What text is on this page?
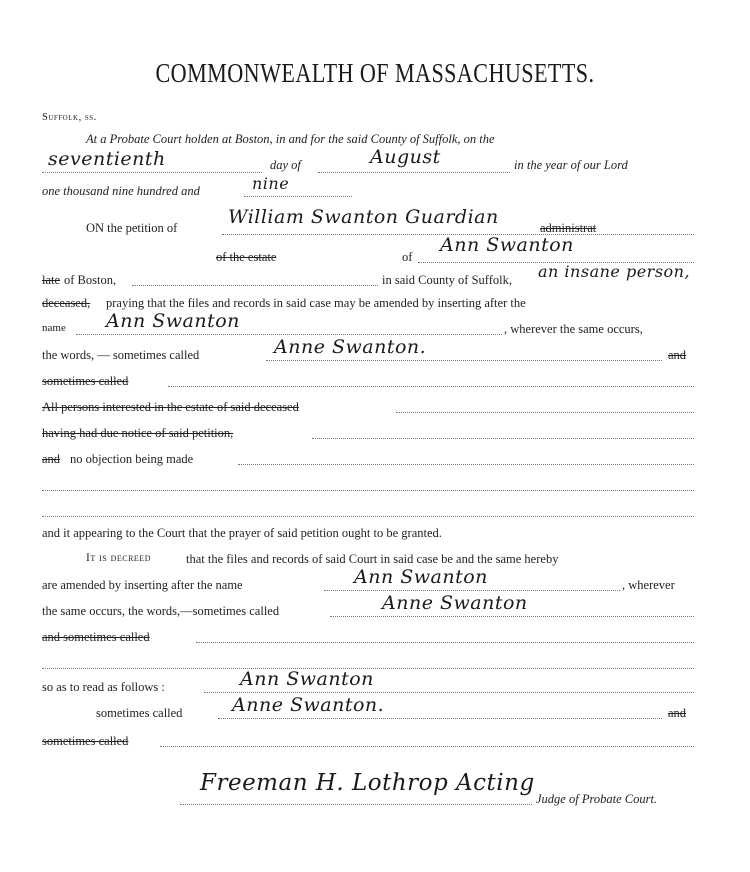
COMMONWEALTH OF MASSACHUSETTS.
Suffolk, ss.
At a Probate Court holden at Boston, in and for the said County of Suffolk, on the
seventienth	day of	August	in the year of our Lord
one thousand nine hundred and	nine
ON the petition of	William Swanton Guardian	administrat
of the estate	of
Ann Swanton
late of Boston,	in said County of Suffolk, an insane person,
deceased, praying that the files and records in said case may be amended by inserting after the
name Ann Swanton	, wherever the same occurs,
the words, — sometimes called	Anne Swanton.	and
sometimes called
All persons interested in the estate of said deceased
having had due notice of said petition,
and no objection being made
and it appearing to the Court that the prayer of said petition ought to be granted.
It is decreed	that the files and records of said Court in said case be and the same hereby
are amended by inserting after the name	Ann Swanton	, wherever
the same occurs, the words,—sometimes called	Anne Swanton
and sometimes called
so as to read as follows :	Ann Swanton
sometimes called	Anne Swanton.	and
sometimes called
Freeman H. Lothrop Acting
Judge of Probate Court.
